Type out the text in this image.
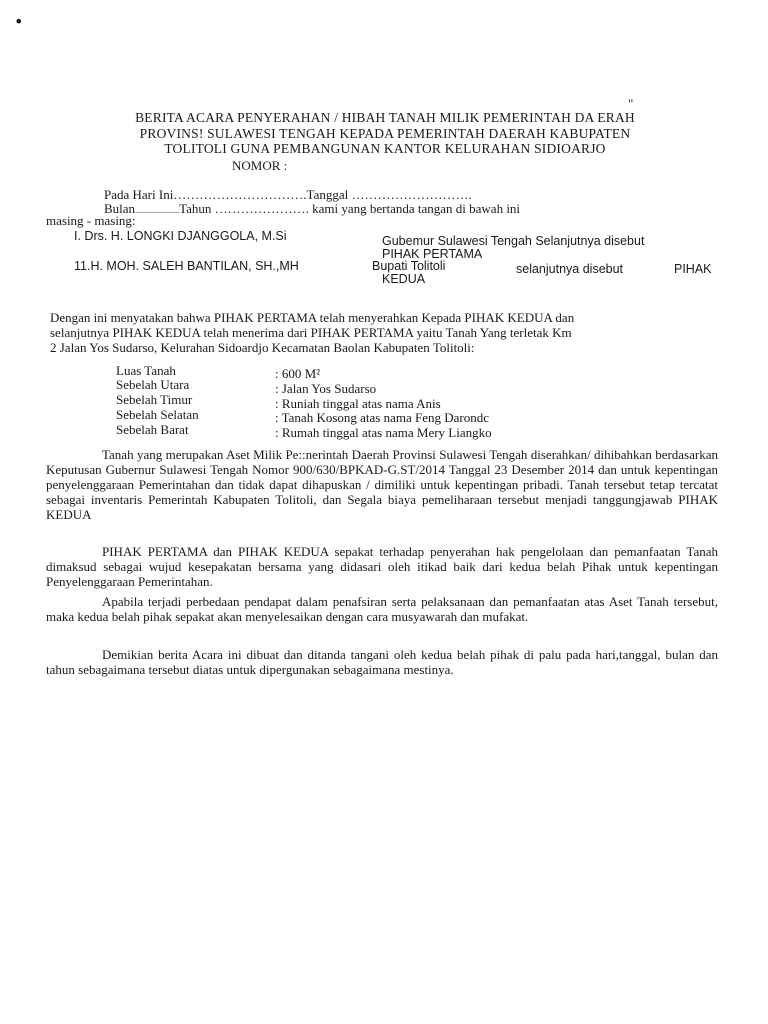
•
"
BERITA ACARA PENYERAHAN / HIBAH TANAH MILIK PEMERINTAH DA ERAH
PROVINS! SULAWESI TENGAH KEPADA PEMERINTAH DAERAH KABUPATEN
TOLITOLI GUNA PEMBANGUNAN KANTOR KELURAHAN SIDIOARJO
NOMOR :
Pada Hari Ini………………………….Tanggal ……………………….
Bulan......................Tahun …………………. kami yang bertanda tangan di bawah ini
masing - masing:
I. Drs. H. LONGKI DJANGGOLA, M.Si	Gubemur Sulawesi Tengah Selanjutnya disebut
PIHAK PERTAMA
11.H. MOH. SALEH BANTILAN, SH.,MH	Bupati Tolitoli	selanjutnya disebut	PIHAK
KEDUA
Dengan ini menyatakan bahwa PIHAK PERTAMA telah menyerahkan Kepada PIHAK KEDUA dan
selanjutnya PIHAK KEDUA telah menerima dari PIHAK PERTAMA yaitu Tanah Yang terletak Km
2 Jalan Yos Sudarso, Kelurahan Sidoardjo Kecamatan Baolan Kabupaten Tolitoli:
Luas Tanah	: 600 M²
Sebelah Utara	: Jalan Yos Sudarso
Sebelah Timur	: Runiah tinggal atas nama Anis
Sebelah Selatan	: Tanah Kosong atas nama Feng Darondc
Sebelah Barat	: Rumah tinggal atas nama Mery Liangko
Tanah yang merupakan Aset Milik Pe::nerintah Daerah Provinsi Sulawesi Tengah diserahkan/ dihibahkan berdasarkan Keputusan Gubernur Sulawesi Tengah Nomor 900/630/BPKAD-G.ST/2014 Tanggal 23 Desember 2014 dan untuk kepentingan penyelenggaraan Pemerintahan dan tidak dapat dihapuskan / dimiliki untuk kepentingan pribadi. Tanah tersebut tetap tercatat sebagai inventaris Pemerintah Kabupaten Tolitoli, dan Segala biaya pemeliharaan tersebut menjadi tanggungjawab PIHAK KEDUA
PIHAK PERTAMA dan PIHAK KEDUA sepakat terhadap penyerahan hak pengelolaan dan pemanfaatan Tanah dimaksud sebagai wujud kesepakatan bersama yang didasari oleh itikad baik dari kedua belah Pihak untuk kepentingan Penyelenggaraan Pemerintahan.
Apabila terjadi perbedaan pendapat dalam penafsiran serta pelaksanaan dan pemanfaatan atas Aset Tanah tersebut, maka kedua belah pihak sepakat akan menyelesaikan dengan cara musyawarah dan mufakat.
Demikian berita Acara ini dibuat dan ditanda tangani oleh kedua belah pihak di palu pada hari,tanggal, bulan dan tahun sebagaimana tersebut diatas untuk dipergunakan sebagaimana mestinya.
